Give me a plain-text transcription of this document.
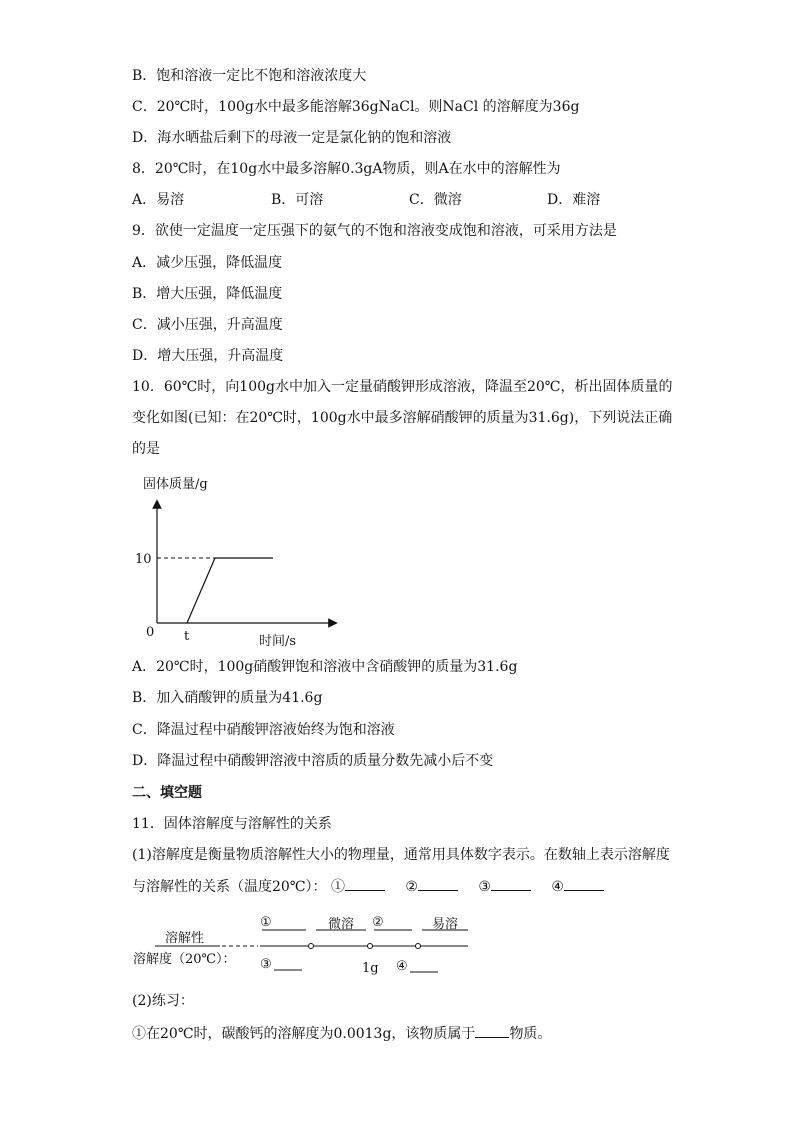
B．饱和溶液一定比不饱和溶液浓度大
C．20℃时，100g水中最多能溶解36gNaCl。则NaCl 的溶解度为36g
D．海水晒盐后剩下的母液一定是氯化钠的饱和溶液
8．20℃时，在10g水中最多溶解0.3gA物质，则A在水中的溶解性为
A．易溶	B．可溶	C．微溶	D．难溶
9．欲使一定温度一定压强下的氨气的不饱和溶液变成饱和溶液，可采用方法是
A．减少压强，降低温度
B．增大压强，降低温度
C．减小压强，升高温度
D．增大压强，升高温度
10．60℃时，向100g水中加入一定量硝酸钾形成溶液，降温至20℃，析出固体质量的
变化如图(已知：在20℃时，100g水中最多溶解硝酸钾的质量为31.6g)，下列说法正确
的是
固体质量/g
0
10
t	时间/s
A．20℃时，100g硝酸钾饱和溶液中含硝酸钾的质量为31.6g
B．加入硝酸钾的质量为41.6g
C．降温过程中硝酸钾溶液始终为饱和溶液
D．降温过程中硝酸钾溶液中溶质的质量分数先减小后不变
二、填空题
11．固体溶解度与溶解性的关系
(1)溶解度是衡量物质溶解性大小的物理量，通常用具体数字表示。在数轴上表示溶解度
与溶解性的关系（温度20℃）： ①	②	③	④
溶解性
①	微溶 ②	易溶
溶解度（20℃）： ③	1g ④
(2)练习：
①在20℃时，碳酸钙的溶解度为0.0013g，该物质属于 物质。
